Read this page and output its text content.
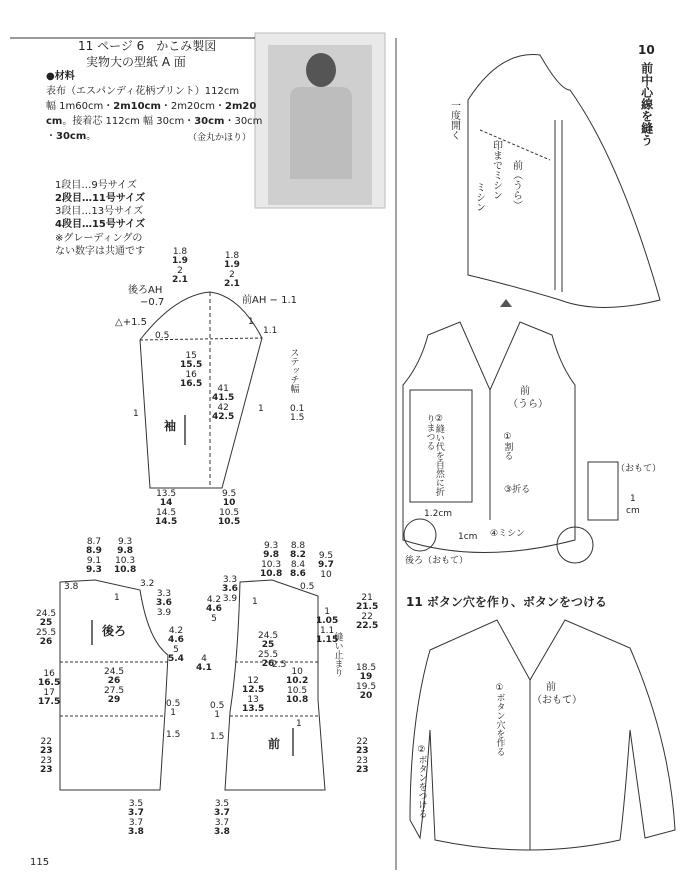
11 ページ 6　かこみ製図
実物大の型紙 A 面
●材料
表布（エスパンディ花柄プリント）112cm
幅 1m60cm・2m10cm・2m20cm・2m20
cm。接着芯 112cm 幅 30cm・30cm・30cm
・30cm。	（金丸かほり）
1段目…9号サイズ
2段目…11号サイズ
3段目…13号サイズ
4段目…15号サイズ
※グレーディングの
ない数字は共通です
袖
後ろAH
−0.7	前AH − 1.1
△+1.5
0.5
1
1.1
1	1
1.8
1.9
2
2.1
1.8
1.9
2
2.1
15
15.5
16
16.5 41
41.5
42
42.5
13.5
14
14.5
14.5
9.5
10
10.5
10.5
ステッチ幅
0.1
1.5
後ろ
8.7
8.9
9.1
9.3
9.3
9.8
10.3
10.8
3.8
1
3.2
3.3
3.6
3.9
24.5
25
25.5
26
4.2
4.6
5
5.4
24.5
26
27.5
29
16
16.5
17
17.5	0.5
1
1.5
22
23
23
23
3.5
3.7
3.7
3.8
前
9.3
9.8
10.3
10.8
8.8
8.2
8.4
8.6
9.5
9.7
10
3.3
3.6
3.9
4.2
4.6
5
0.5
1
1
1.05
1.1
1.15
24.5
25
25.5
26
4
4.1	2.5
12
12.5
13
13.5
10
10.2
10.5
10.8
1
21
21.5
22
22.5
縫い止まり 18.5
19
19.5
20
22
23
23
23
0.5
1
1.5
3.5
3.7
3.7
3.8
10
前中心線を縫う
一度開く
前（うら）
印までミシン
ミシン
前
（うら）
②縫い代を自然に折りまつる	①割る
③折る
④ミシン
1.2cm
1cm
後ろ（おもて）
（おもて）
1
cm
11 ボタン穴を作り、ボタンをつける
前
（おもて）
①ボタン穴を作る
②ボタンをつける
115
